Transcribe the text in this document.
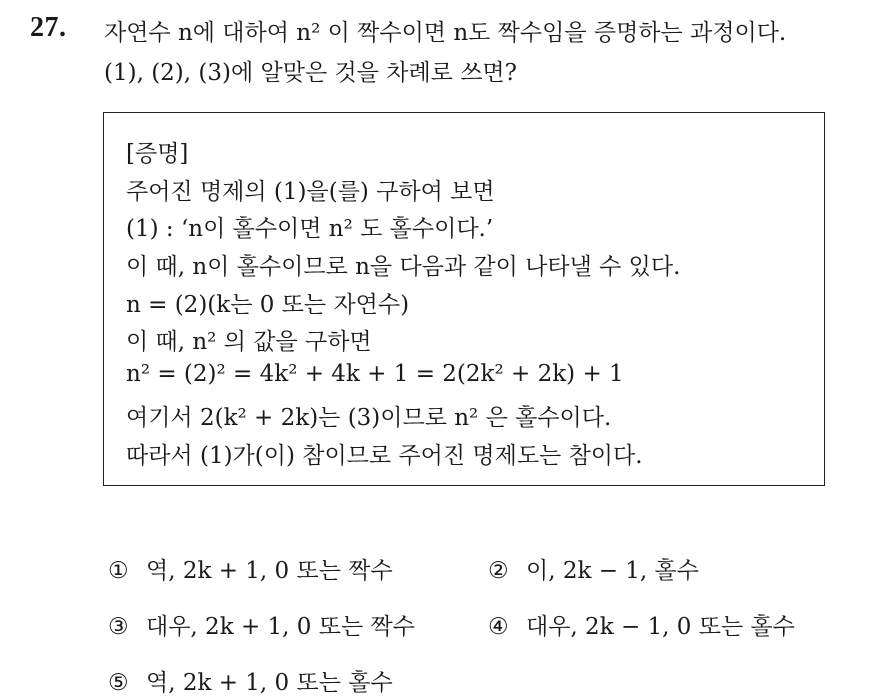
27. 자연수 n에 대하여 n² 이 짝수이면 n도 짝수임을 증명하는 과정이다.
(1), (2), (3)에 알맞은 것을 차례로 쓰면?
[증명]
주어진 명제의 (1)을(를) 구하여 보면
(1) : ‘n이 홀수이면 n² 도 홀수이다.’
이 때, n이 홀수이므로 n을 다음과 같이 나타낼 수 있다.
n = (2)(k는 0 또는 자연수)
이 때, n² 의 값을 구하면
n² = (2)² = 4k² + 4k + 1 = 2(2k² + 2k) + 1
여기서 2(k² + 2k)는 (3)이므로 n² 은 홀수이다.
따라서 (1)가(이) 참이므로 주어진 명제도는 참이다.
① 역, 2k + 1, 0 또는 짝수	② 이, 2k − 1, 홀수
③ 대우, 2k + 1, 0 또는 짝수	④ 대우, 2k − 1, 0 또는 홀수
⑤ 역, 2k + 1, 0 또는 홀수
